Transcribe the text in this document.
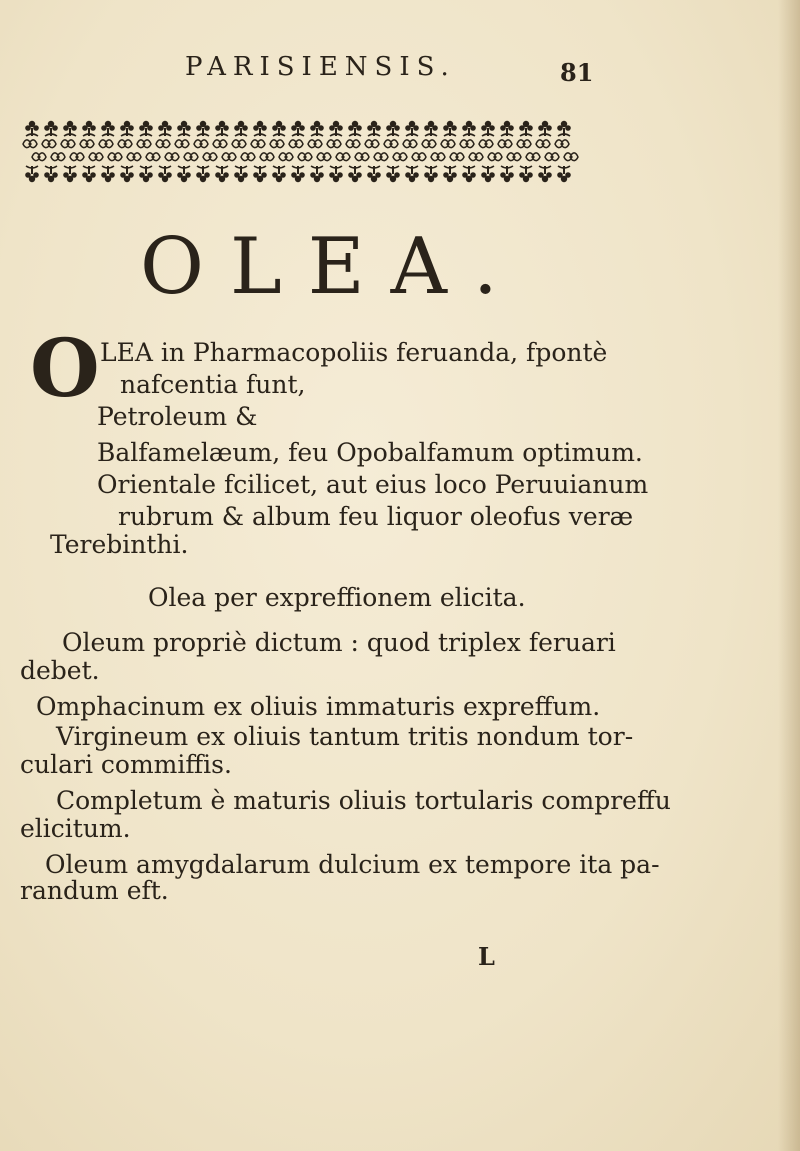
PARISIENSIS.	81
OLEA.
O LEA in Pharmacopoliis feruanda, fpontè
nafcentia funt,
Petroleum &
Balfamelæum, feu Opobalfamum optimum.
Orientale fcilicet, aut eius loco Peruuianum
rubrum & album feu liquor oleofus veræ
Terebinthi.
Olea per expreffionem elicita.
Oleum propriè dictum : quod triplex feruari
debet.
Omphacinum ex oliuis immaturis expreffum.
Virgineum ex oliuis tantum tritis nondum tor-
culari commiffis.
Completum è maturis oliuis tortularis compreffu
elicitum.
Oleum amygdalarum dulcium ex tempore ita pa-
randum eft.
L
